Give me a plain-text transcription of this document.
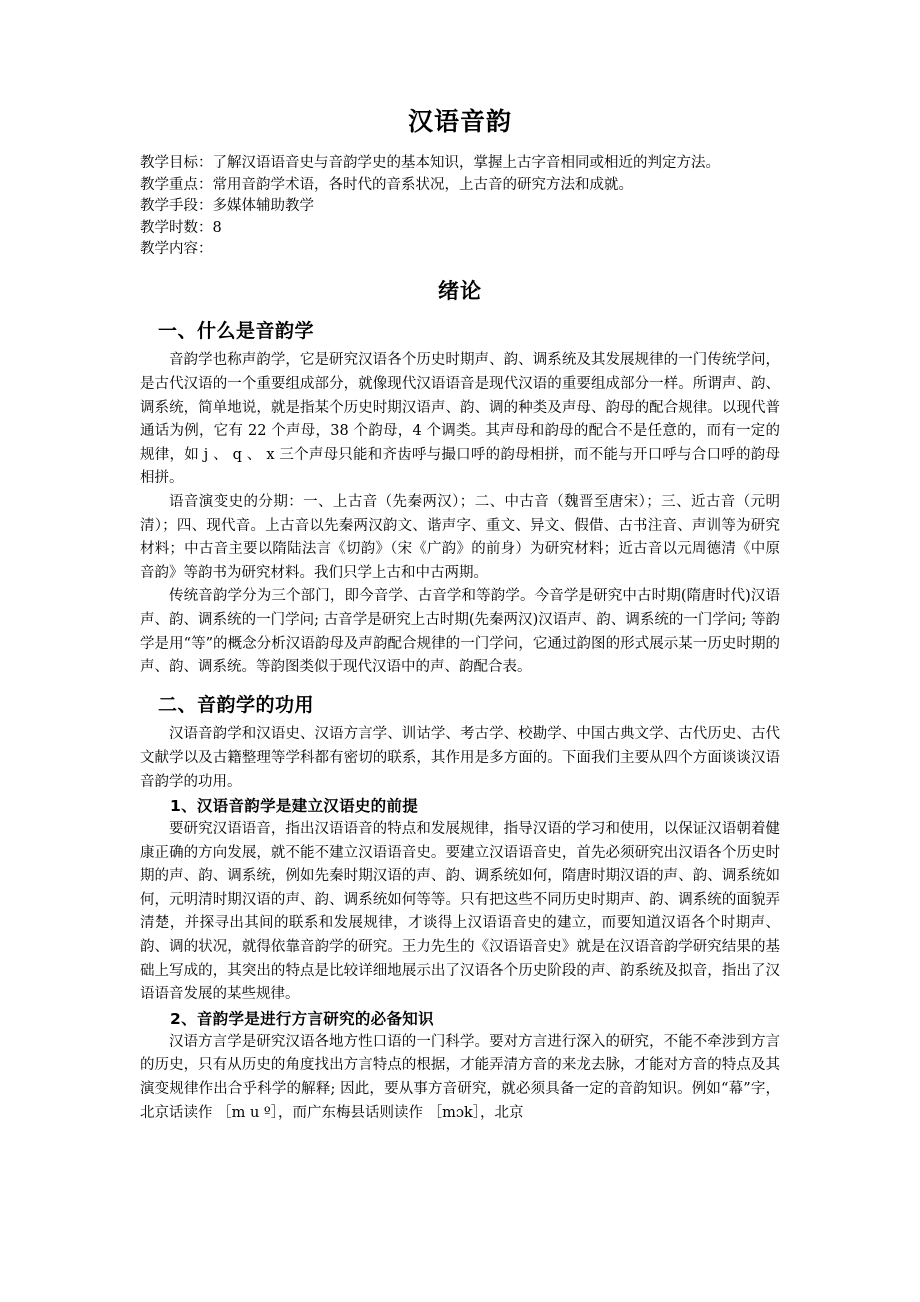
汉语音韵
教学目标：了解汉语语音史与音韵学史的基本知识，掌握上古字音相同或相近的判定方法。
教学重点：常用音韵学术语，各时代的音系状况，上古音的研究方法和成就。
教学手段：多媒体辅助教学
教学时数：8
教学内容：
绪论
一、什么是音韵学

音韵学也称声韵学，它是研究汉语各个历史时期声、韵、调系统及其发展规律的一门传统学问，是古代汉语的一个重要组成部分，就像现代汉语语音是现代汉语的重要组成部分一样。所谓声、韵、调系统，简单地说，就是指某个历史时期汉语声、韵、调的种类及声母、韵母的配合规律。以现代普通话为例，它有 22 个声母，38 个韵母，4 个调类。其声母和韵母的配合不是任意的，而有一定的规律，如 j 、 q 、 x 三个声母只能和齐齿呼与撮口呼的韵母相拼，而不能与开口呼与合口呼的韵母相拼。

语音演变史的分期：一、上古音（先秦两汉）；二、中古音（魏晋至唐宋）；三、近古音（元明清）；四、现代音。上古音以先秦两汉韵文、谐声字、重文、异文、假借、古书注音、声训等为研究材料；中古音主要以隋陆法言《切韵》（宋《广韵》的前身）为研究材料；近古音以元周德清《中原音韵》等韵书为研究材料。我们只学上古和中古两期。

传统音韵学分为三个部门，即今音学、古音学和等韵学。今音学是研究中古时期(隋唐时代)汉语声、韵、调系统的一门学问; 古音学是研究上古时期(先秦两汉)汉语声、韵、调系统的一门学问; 等韵学是用“等”的概念分析汉语韵母及声韵配合规律的一门学问，它通过韵图的形式展示某一历史时期的声、韵、调系统。等韵图类似于现代汉语中的声、韵配合表。

二、音韵学的功用

汉语音韵学和汉语史、汉语方言学、训诂学、考古学、校勘学、中国古典文学、古代历史、古代文献学以及古籍整理等学科都有密切的联系，其作用是多方面的。下面我们主要从四个方面谈谈汉语音韵学的功用。

1、汉语音韵学是建立汉语史的前提

要研究汉语语音，指出汉语语音的特点和发展规律，指导汉语的学习和使用，以保证汉语朝着健康正确的方向发展，就不能不建立汉语语音史。要建立汉语语音史，首先必须研究出汉语各个历史时期的声、韵、调系统，例如先秦时期汉语的声、韵、调系统如何，隋唐时期汉语的声、韵、调系统如何，元明清时期汉语的声、韵、调系统如何等等。只有把这些不同历史时期声、韵、调系统的面貌弄清楚，并探寻出其间的联系和发展规律，才谈得上汉语语音史的建立，而要知道汉语各个时期声、韵、调的状况，就得依靠音韵学的研究。王力先生的《汉语语音史》就是在汉语音韵学研究结果的基础上写成的，其突出的特点是比较详细地展示出了汉语各个历史阶段的声、韵系统及拟音，指出了汉语语音发展的某些规律。

2、音韵学是进行方言研究的必备知识

汉语方言学是研究汉语各地方性口语的一门科学。要对方言进行深入的研究，不能不牵涉到方言的历史，只有从历史的角度找出方言特点的根据，才能弄清方音的来龙去脉，才能对方音的特点及其演变规律作出合乎科学的解释; 因此，要从事方音研究，就必须具备一定的音韵知识。例如“幕”字，北京话读作 ［m u º］，而广东梅县话则读作 ［mɔk］，北京
